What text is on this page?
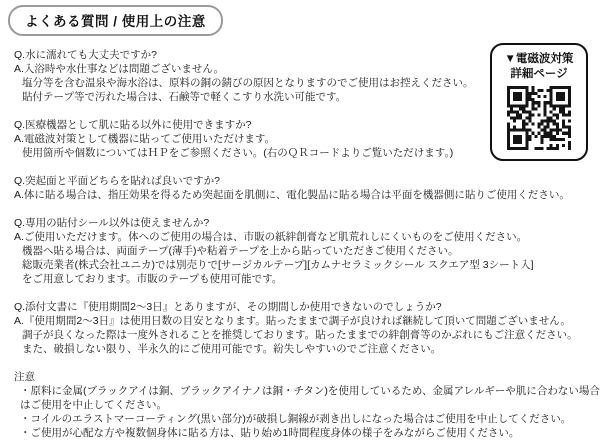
よくある質問 / 使用上の注意
Q.水に濡れても大丈夫ですか?
A.入浴時や水仕事などは問題ございません。
塩分等を含む温泉や海水浴は、原料の銅の錆びの原因となりますのでご使用はお控えください。
貼付テープ等で汚れた場合は、石鹸等で軽くこすり水洗い可能です。
Q.医療機器として肌に貼る以外に使用できますか?
A.電磁波対策として機器に貼ってご使用いただけます。
使用箇所や個数についてはＨＰをご参照ください。(右のＱＲコードよりご覧いただけます。)
Q.突起面と平面どちらを貼れば良いですか?
A.体に貼る場合は、指圧効果を得るため突起面を肌側に、電化製品に貼る場合は平面を機器側に貼りご使用ください。
Q.専用の貼付シール以外は使えませんか?
A.ご使用いただけます。体へのご使用の場合は、市販の紙絆創膏など肌荒れしにくいものをご使用ください。
機器へ貼る場合は、両面テープ(薄手)や粘着テープを上から貼っていただきご使用ください。
総販売業者(株式会社ユニカ)では別売りで[サージカルテープ][カムナセラミックシール スクエア型 3シート入]
をご用意しております。市販のテープも使用可能です。
Q.添付文書に『使用期間2〜3日』とありますが、その期間しか使用できないのでしょうか?
A.『使用期間2〜3日』は使用日数の目安となります。貼ったままで調子が良ければ継続して頂いて問題ございません。
調子が良くなった際は一度外されることを推奨しております。貼ったままでの絆創膏等のかぶれにもご注意ください。
また、破損しない限り、半永久的にご使用可能です。紛失しやすいのでご注意ください。
注意
・原料に金属(ブラックアイは銅、ブラックアイナノは銅・チタン)を使用しているため、金属アレルギーや肌に合わない場合
はご使用を中止してください。
・コイルのエラストマーコーティング(黒い部分)が破損し銅線が剥き出しになった場合はご使用を中止してください。
・ご使用が心配な方や複数個身体に貼る方は、貼り始め1時間程度身体の様子をみながらご使用ください。
▼電磁波対策
詳細ページ
